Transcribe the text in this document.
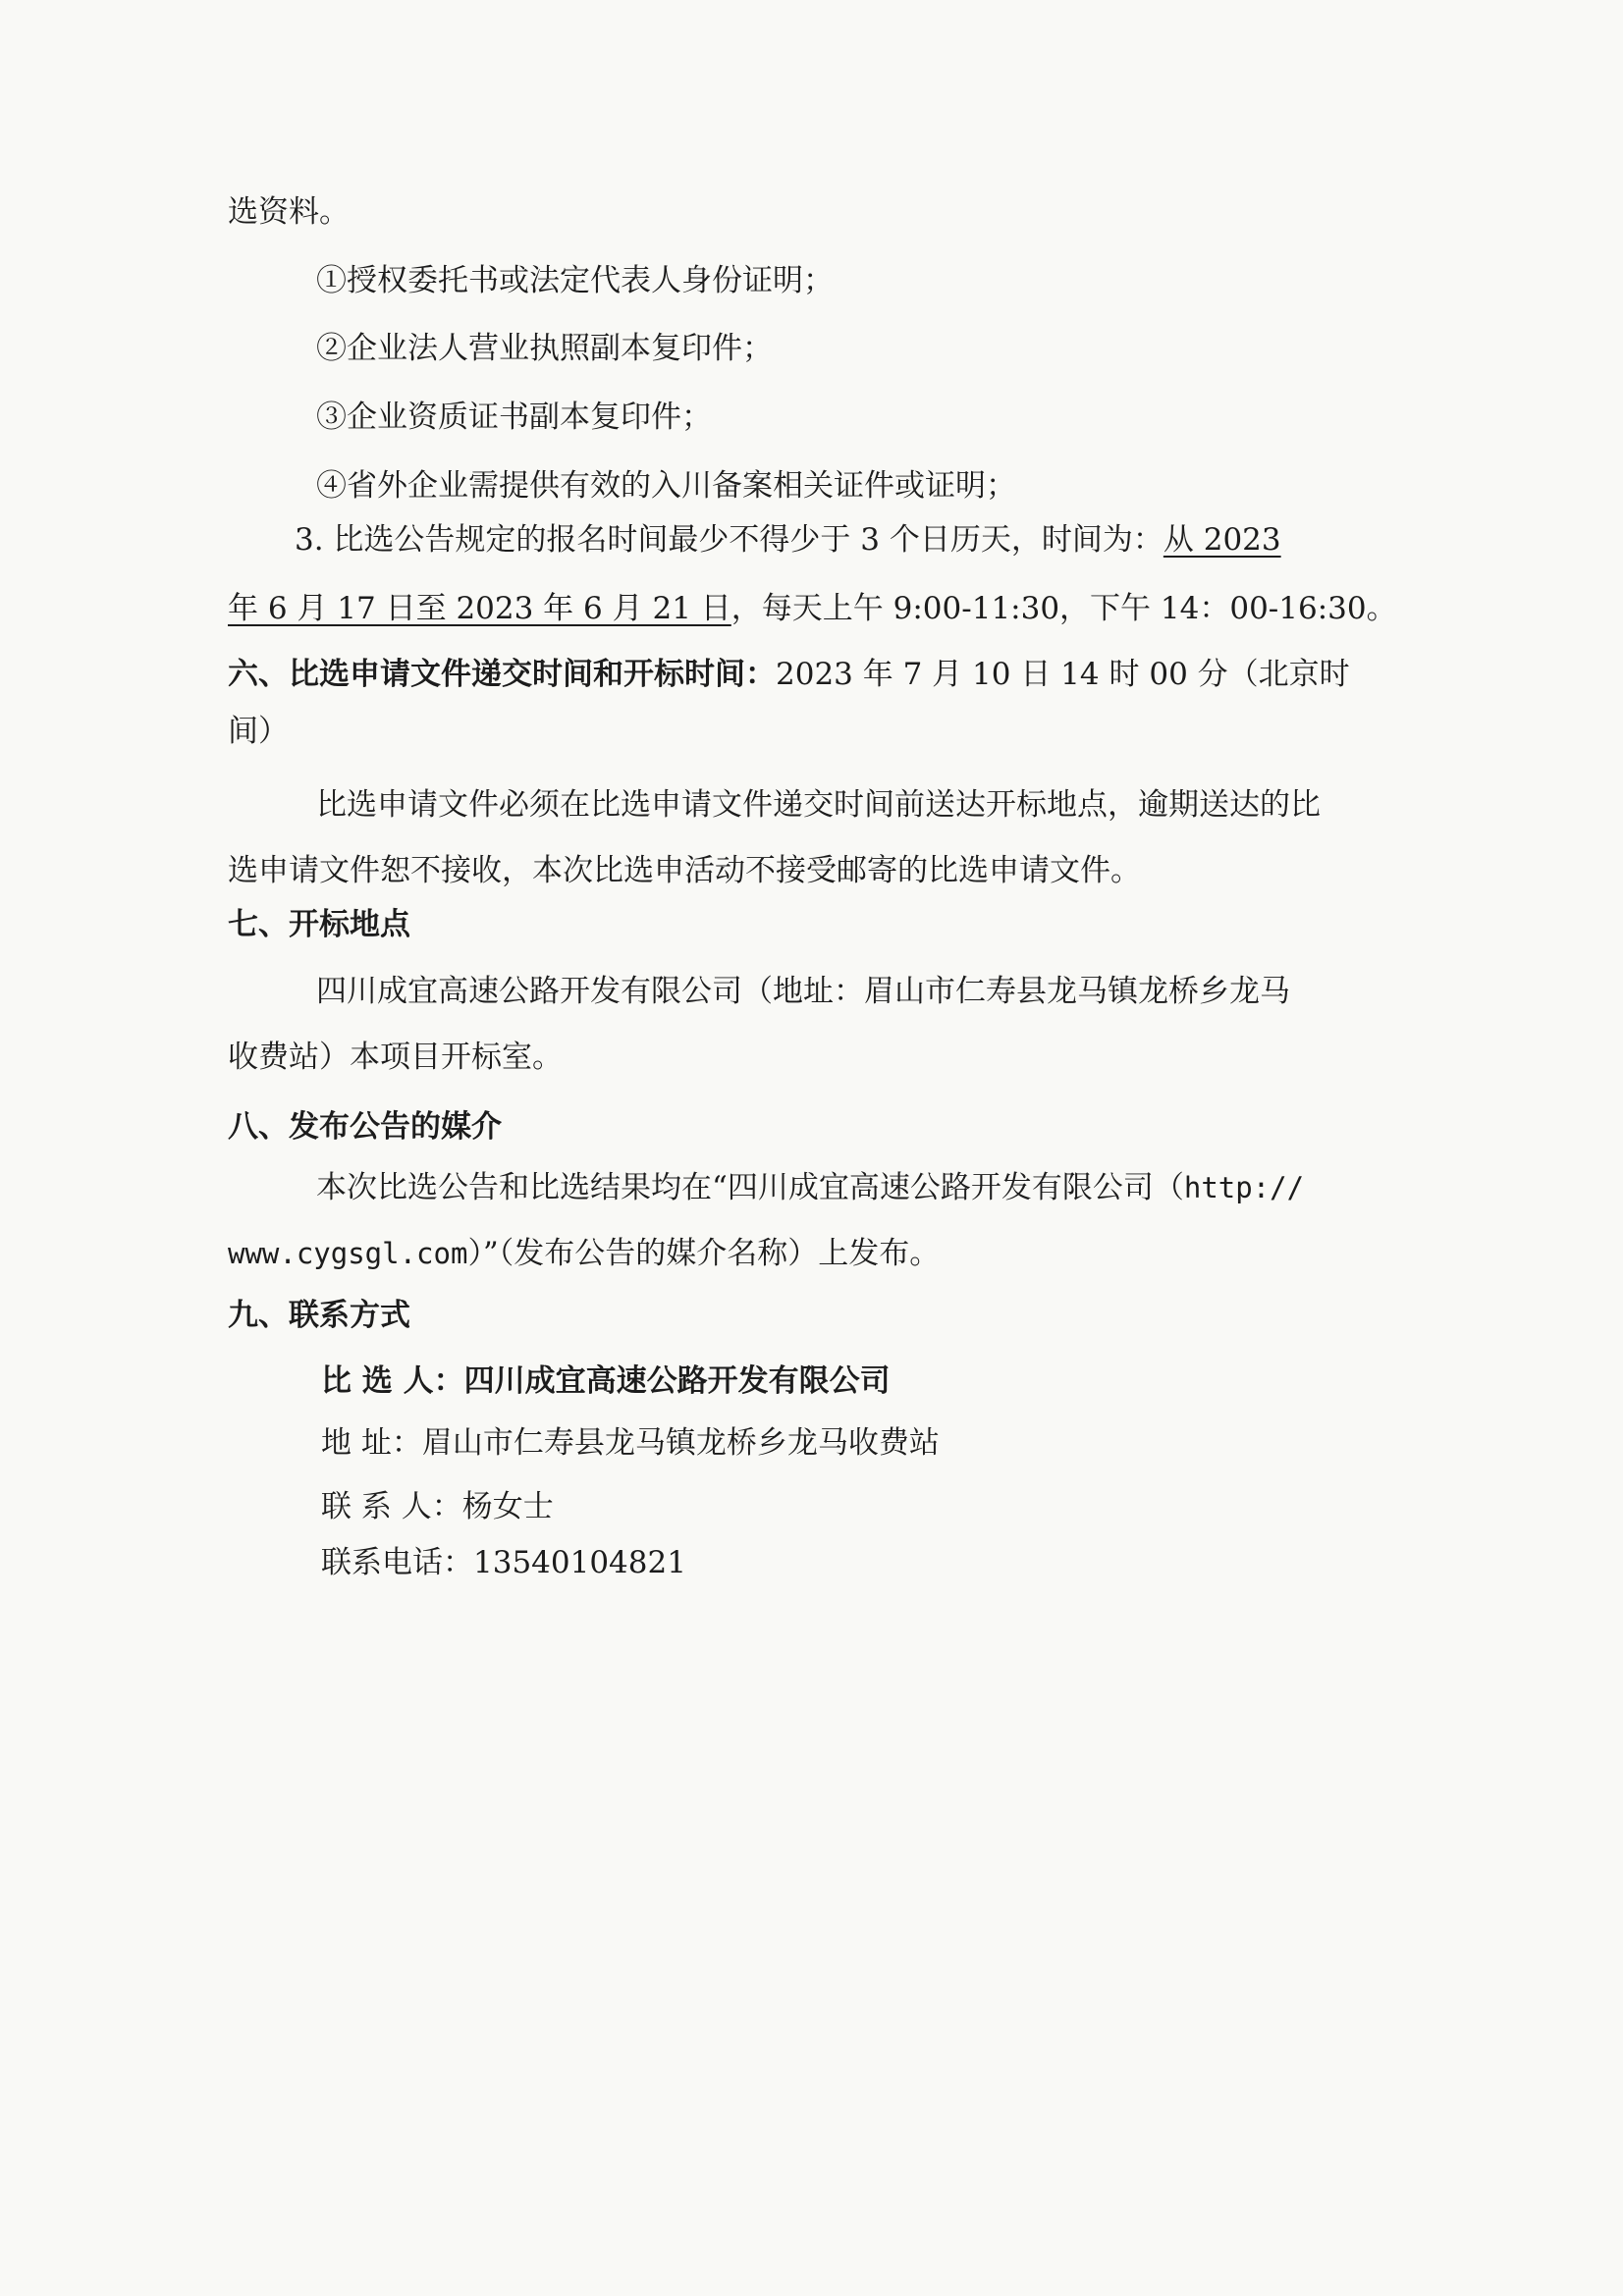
选资料。
①授权委托书或法定代表人身份证明；
②企业法人营业执照副本复印件；
③企业资质证书副本复印件；
④省外企业需提供有效的入川备案相关证件或证明；
3. 比选公告规定的报名时间最少不得少于 3 个日历天，时间为：从 2023
年 6 月 17 日至 2023 年 6 月 21 日，每天上午 9:00-11:30，下午 14：00-16:30。
六、比选申请文件递交时间和开标时间：2023 年 7 月 10 日 14 时 00 分（北京时
间）
比选申请文件必须在比选申请文件递交时间前送达开标地点，逾期送达的比
选申请文件恕不接收，本次比选申活动不接受邮寄的比选申请文件。
七、开标地点
四川成宜高速公路开发有限公司（地址：眉山市仁寿县龙马镇龙桥乡龙马
收费站）本项目开标室。
八、发布公告的媒介
本次比选公告和比选结果均在“四川成宜高速公路开发有限公司（http://
www.cygsgl.com）”（发布公告的媒介名称）上发布。
九、联系方式
比 选 人：四川成宜高速公路开发有限公司
地 址：眉山市仁寿县龙马镇龙桥乡龙马收费站
联 系 人：杨女士
联系电话：13540104821
